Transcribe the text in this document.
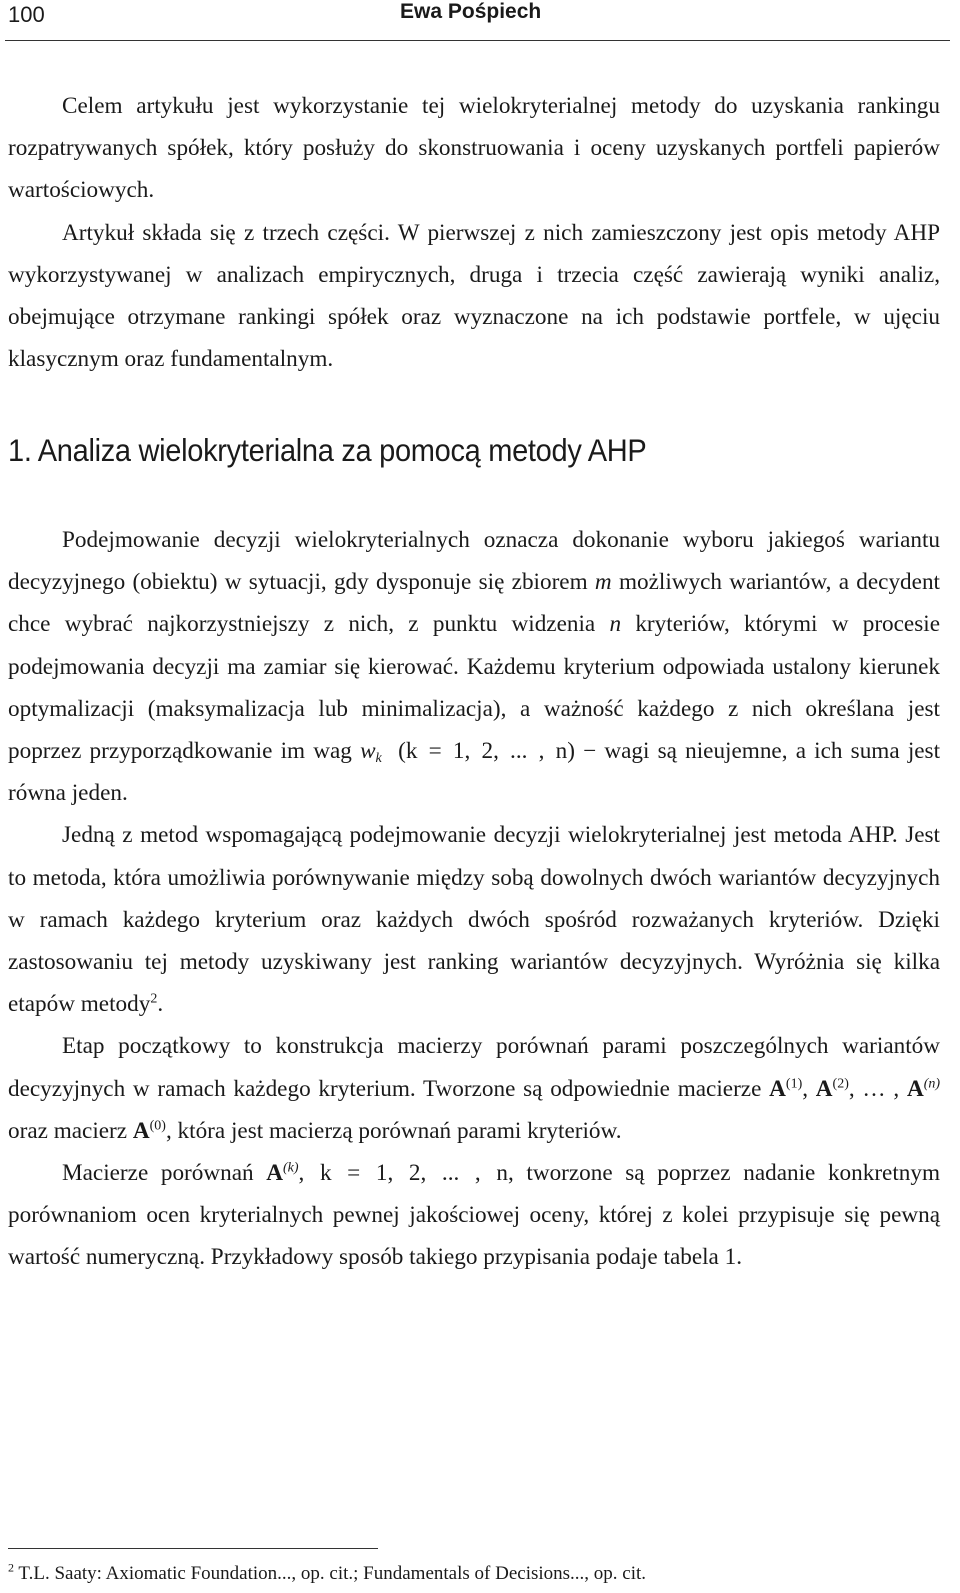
100	Ewa Pośpiech

Celem artykułu jest wykorzystanie tej wielokryterialnej metody do uzyskania rankingu rozpatrywanych spółek, który posłuży do skonstruowania i oceny uzyskanych portfeli papierów wartościowych.

Artykuł składa się z trzech części. W pierwszej z nich zamieszczony jest opis metody AHP wykorzystywanej w analizach empirycznych, druga i trzecia część zawierają wyniki analiz, obejmujące otrzymane rankingi spółek oraz wyznaczone na ich podstawie portfele, w ujęciu klasycznym oraz fundamentalnym.

1. Analiza wielokryterialna za pomocą metody AHP

Podejmowanie decyzji wielokryterialnych oznacza dokonanie wyboru jakiegoś wariantu decyzyjnego (obiektu) w sytuacji, gdy dysponuje się zbiorem m możliwych wariantów, a decydent chce wybrać najkorzystniejszy z nich, z punktu widzenia n kryteriów, którymi w procesie podejmowania decyzji ma zamiar się kierować. Każdemu kryterium odpowiada ustalony kierunek optymalizacji (maksymalizacja lub minimalizacja), a ważność każdego z nich określana jest poprzez przyporządkowanie im wag $w_k$ (k = 1, 2, ... , n) − wagi są nieujemne, a ich suma jest równa jeden.

Jedną z metod wspomagającą podejmowanie decyzji wielokryterialnej jest metoda AHP. Jest to metoda, która umożliwia porównywanie między sobą dowolnych dwóch wariantów decyzyjnych w ramach każdego kryterium oraz każdych dwóch spośród rozważanych kryteriów. Dzięki zastosowaniu tej metody uzyskiwany jest ranking wariantów decyzyjnych. Wyróżnia się kilka etapów metody$^2$.

Etap początkowy to konstrukcja macierzy porównań parami poszczególnych wariantów decyzyjnych w ramach każdego kryterium. Tworzone są odpowiednie macierze $A^{(1)}$, $A^{(2)}$, … , $A^{(n)}$ oraz macierz $A^{(0)}$, która jest macierzą porównań parami kryteriów.

Macierze porównań $A^{(k)}$, k = 1, 2, ... , n, tworzone są poprzez nadanie konkretnym porównaniom ocen kryterialnych pewnej jakościowej oceny, której z kolei przypisuje się pewną wartość numeryczną. Przykładowy sposób takiego przypisania podaje tabela 1.

$^2$ T.L. Saaty: Axiomatic Foundation..., op. cit.; Fundamentals of Decisions..., op. cit.
